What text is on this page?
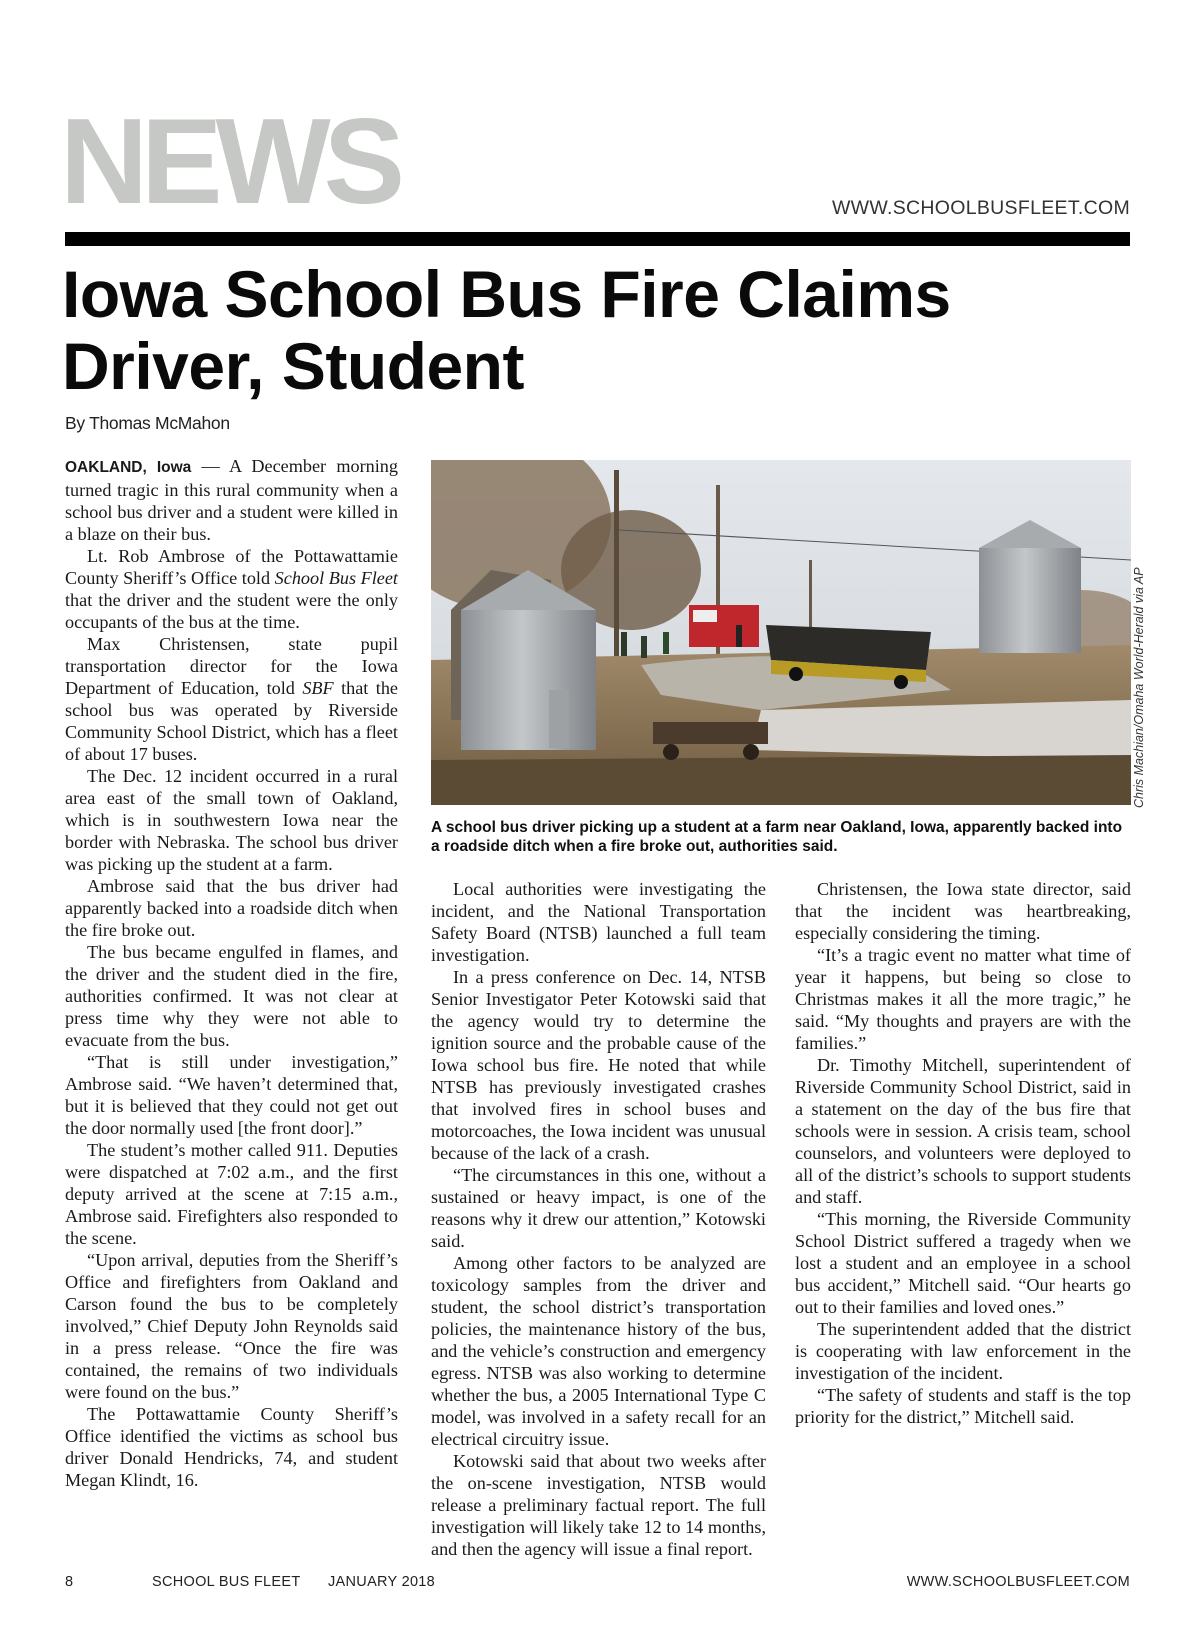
NEWS	WWW.SCHOOLBUSFLEET.COM
Iowa School Bus Fire Claims Driver, Student
By Thomas McMahon

OAKLAND, Iowa — A December morning turned tragic in this rural community when a school bus driver and a student were killed in a blaze on their bus.

Lt. Rob Ambrose of the Pottawattamie County Sheriff’s Office told School Bus Fleet that the driver and the student were the only occupants of the bus at the time.

Max Christensen, state pupil transportation director for the Iowa Department of Education, told SBF that the school bus was operated by Riverside Community School District, which has a fleet of about 17 buses.

The Dec. 12 incident occurred in a rural area east of the small town of Oakland, which is in southwestern Iowa near the border with Nebraska. The school bus driver was picking up the student at a farm.

Ambrose said that the bus driver had apparently backed into a roadside ditch when the fire broke out.

The bus became engulfed in flames, and the driver and the student died in the fire, authorities confirmed. It was not clear at press time why they were not able to evacuate from the bus.

“That is still under investigation,” Ambrose said. “We haven’t determined that, but it is believed that they could not get out the door normally used [the front door].”

The student’s mother called 911. Deputies were dispatched at 7:02 a.m., and the first deputy arrived at the scene at 7:15 a.m., Ambrose said. Firefighters also responded to the scene.

“Upon arrival, deputies from the Sheriff’s Office and firefighters from Oakland and Carson found the bus to be completely involved,” Chief Deputy John Reynolds said in a press release. “Once the fire was contained, the remains of two individuals were found on the bus.”

The Pottawattamie County Sheriff’s Office identified the victims as school bus driver Donald Hendricks, 74, and student Megan Klindt, 16.

Chris Machian/Omaha World-Herald via AP

A school bus driver picking up a student at a farm near Oakland, Iowa, apparently backed into a roadside ditch when a fire broke out, authorities said.

Local authorities were investigating the incident, and the National Transportation Safety Board (NTSB) launched a full team investigation.

In a press conference on Dec. 14, NTSB Senior Investigator Peter Kotowski said that the agency would try to determine the ignition source and the probable cause of the Iowa school bus fire. He noted that while NTSB has previously investigated crashes that involved fires in school buses and motorcoaches, the Iowa incident was unusual because of the lack of a crash.

“The circumstances in this one, without a sustained or heavy impact, is one of the reasons why it drew our attention,” Kotowski said.

Among other factors to be analyzed are toxicology samples from the driver and student, the school district’s transportation policies, the maintenance history of the bus, and the vehicle’s construction and emergency egress. NTSB was also working to determine whether the bus, a 2005 International Type C model, was involved in a safety recall for an electrical circuitry issue.

Kotowski said that about two weeks after the on-scene investigation, NTSB would release a preliminary factual report. The full investigation will likely take 12 to 14 months, and then the agency will issue a final report.

Christensen, the Iowa state director, said that the incident was heartbreaking, especially considering the timing.

“It’s a tragic event no matter what time of year it happens, but being so close to Christmas makes it all the more tragic,” he said. “My thoughts and prayers are with the families.”

Dr. Timothy Mitchell, superintendent of Riverside Community School District, said in a statement on the day of the bus fire that schools were in session. A crisis team, school counselors, and volunteers were deployed to all of the district’s schools to support students and staff.

“This morning, the Riverside Community School District suffered a tragedy when we lost a student and an employee in a school bus accident,” Mitchell said. “Our hearts go out to their families and loved ones.”

The superintendent added that the district is cooperating with law enforcement in the investigation of the incident.

“The safety of students and staff is the top priority for the district,” Mitchell said.

8	SCHOOL BUS FLEET JANUARY 2018	WWW.SCHOOLBUSFLEET.COM
